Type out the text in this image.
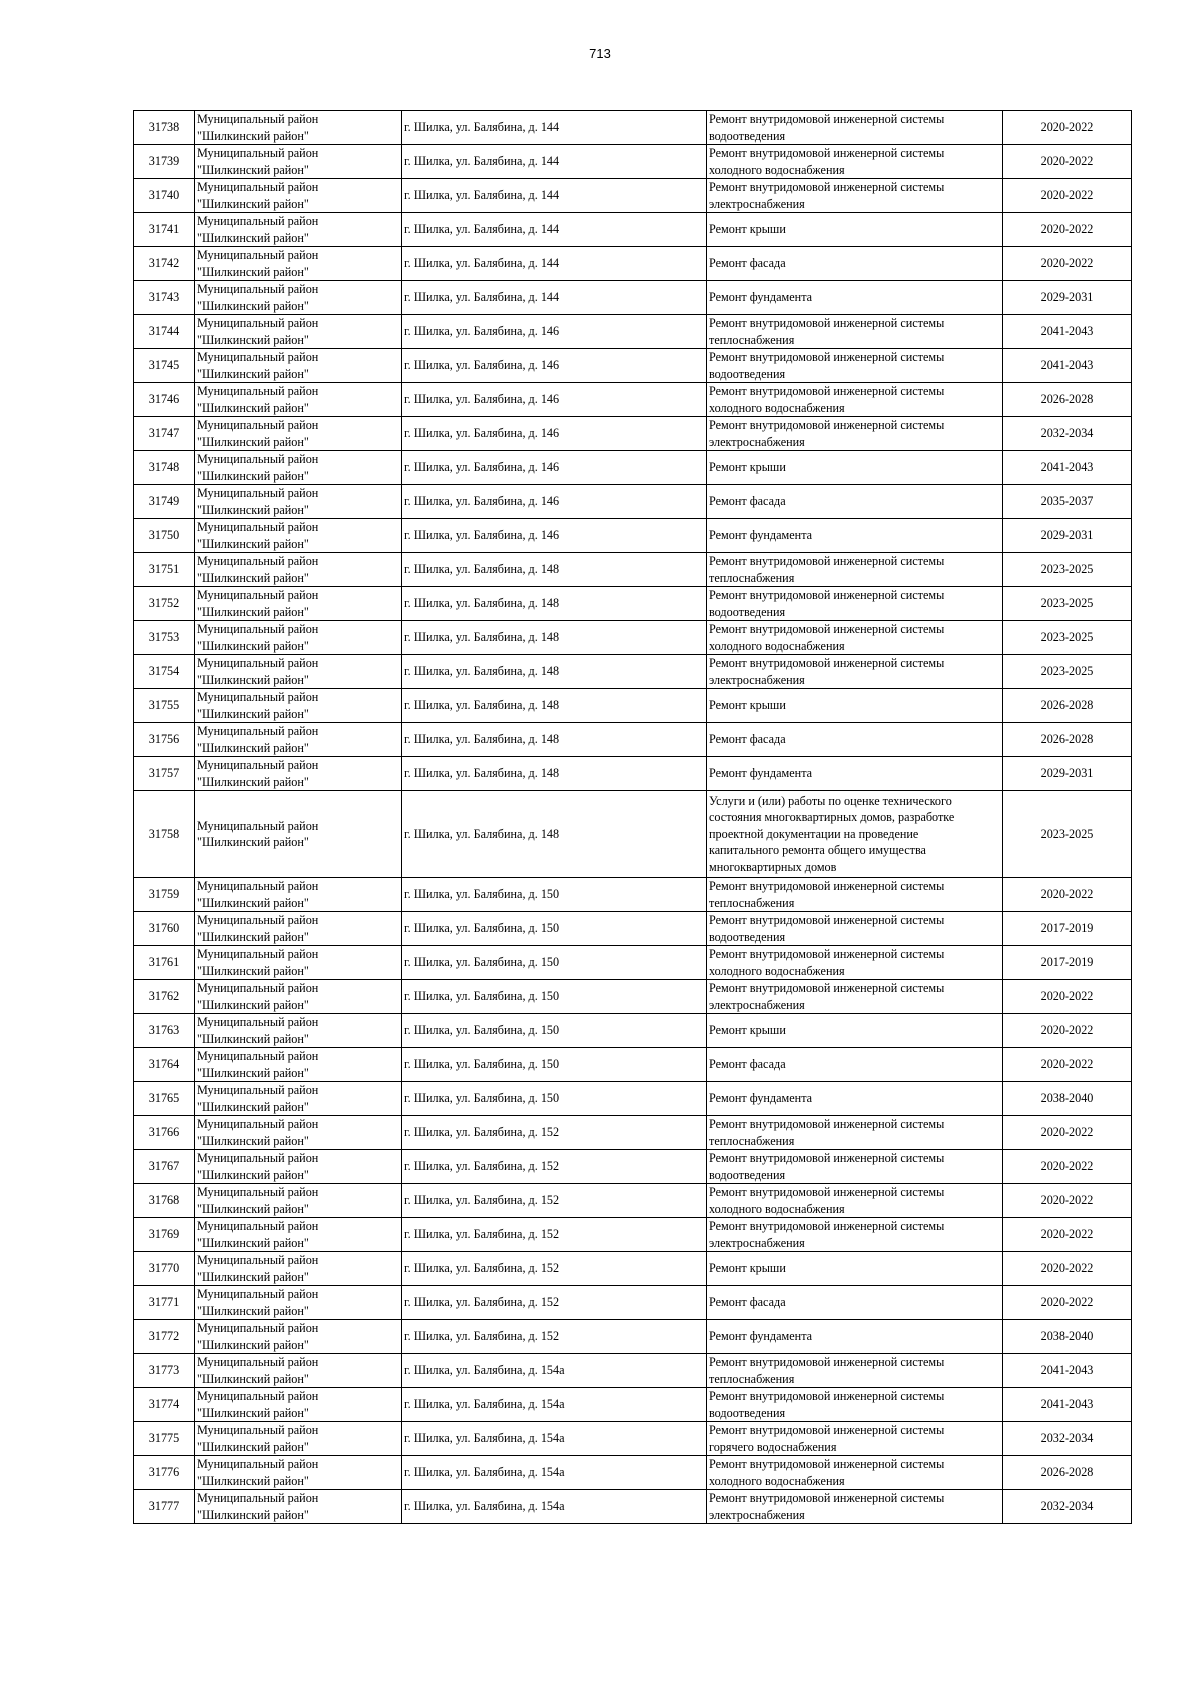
713
31738	Муниципальный район
"Шилкинский район"	г. Шилка, ул. Балябина, д. 144	Ремонт внутридомовой инженерной системы
водоотведения	2020-2022

31739	Муниципальный район
"Шилкинский район"	г. Шилка, ул. Балябина, д. 144	Ремонт внутридомовой инженерной системы
холодного водоснабжения	2020-2022

31740	Муниципальный район
"Шилкинский район"	г. Шилка, ул. Балябина, д. 144	Ремонт внутридомовой инженерной системы
электроснабжения	2020-2022

31741	Муниципальный район
"Шилкинский район"	г. Шилка, ул. Балябина, д. 144	Ремонт крыши	2020-2022

31742	Муниципальный район
"Шилкинский район"	г. Шилка, ул. Балябина, д. 144	Ремонт фасада	2020-2022

31743	Муниципальный район
"Шилкинский район"	г. Шилка, ул. Балябина, д. 144	Ремонт фундамента	2029-2031

31744	Муниципальный район
"Шилкинский район"	г. Шилка, ул. Балябина, д. 146	Ремонт внутридомовой инженерной системы
теплоснабжения	2041-2043

31745	Муниципальный район
"Шилкинский район"	г. Шилка, ул. Балябина, д. 146	Ремонт внутридомовой инженерной системы
водоотведения	2041-2043

31746	Муниципальный район
"Шилкинский район"	г. Шилка, ул. Балябина, д. 146	Ремонт внутридомовой инженерной системы
холодного водоснабжения	2026-2028

31747	Муниципальный район
"Шилкинский район"	г. Шилка, ул. Балябина, д. 146	Ремонт внутридомовой инженерной системы
электроснабжения	2032-2034

31748	Муниципальный район
"Шилкинский район"	г. Шилка, ул. Балябина, д. 146	Ремонт крыши	2041-2043

31749	Муниципальный район
"Шилкинский район"	г. Шилка, ул. Балябина, д. 146	Ремонт фасада	2035-2037

31750	Муниципальный район
"Шилкинский район"	г. Шилка, ул. Балябина, д. 146	Ремонт фундамента	2029-2031

31751	Муниципальный район
"Шилкинский район"	г. Шилка, ул. Балябина, д. 148	Ремонт внутридомовой инженерной системы
теплоснабжения	2023-2025

31752	Муниципальный район
"Шилкинский район"	г. Шилка, ул. Балябина, д. 148	Ремонт внутридомовой инженерной системы
водоотведения	2023-2025

31753	Муниципальный район
"Шилкинский район"	г. Шилка, ул. Балябина, д. 148	Ремонт внутридомовой инженерной системы
холодного водоснабжения	2023-2025

31754	Муниципальный район
"Шилкинский район"	г. Шилка, ул. Балябина, д. 148	Ремонт внутридомовой инженерной системы
электроснабжения	2023-2025

31755	Муниципальный район
"Шилкинский район"	г. Шилка, ул. Балябина, д. 148	Ремонт крыши	2026-2028

31756	Муниципальный район
"Шилкинский район"	г. Шилка, ул. Балябина, д. 148	Ремонт фасада	2026-2028

31757	Муниципальный район
"Шилкинский район"	г. Шилка, ул. Балябина, д. 148	Ремонт фундамента	2029-2031

31758	Муниципальный район
"Шилкинский район"	г. Шилка, ул. Балябина, д. 148	Услуги и (или) работы по оценке технического
состояния многоквартирных домов, разработке
проектной документации на проведение
капитального ремонта общего имущества
многоквартирных домов	2023-2025

31759	Муниципальный район
"Шилкинский район"	г. Шилка, ул. Балябина, д. 150	Ремонт внутридомовой инженерной системы
теплоснабжения	2020-2022

31760	Муниципальный район
"Шилкинский район"	г. Шилка, ул. Балябина, д. 150	Ремонт внутридомовой инженерной системы
водоотведения	2017-2019

31761	Муниципальный район
"Шилкинский район"	г. Шилка, ул. Балябина, д. 150	Ремонт внутридомовой инженерной системы
холодного водоснабжения	2017-2019

31762	Муниципальный район
"Шилкинский район"	г. Шилка, ул. Балябина, д. 150	Ремонт внутридомовой инженерной системы
электроснабжения	2020-2022

31763	Муниципальный район
"Шилкинский район"	г. Шилка, ул. Балябина, д. 150	Ремонт крыши	2020-2022

31764	Муниципальный район
"Шилкинский район"	г. Шилка, ул. Балябина, д. 150	Ремонт фасада	2020-2022

31765	Муниципальный район
"Шилкинский район"	г. Шилка, ул. Балябина, д. 150	Ремонт фундамента	2038-2040

31766	Муниципальный район
"Шилкинский район"	г. Шилка, ул. Балябина, д. 152	Ремонт внутридомовой инженерной системы
теплоснабжения	2020-2022

31767	Муниципальный район
"Шилкинский район"	г. Шилка, ул. Балябина, д. 152	Ремонт внутридомовой инженерной системы
водоотведения	2020-2022

31768	Муниципальный район
"Шилкинский район"	г. Шилка, ул. Балябина, д. 152	Ремонт внутридомовой инженерной системы
холодного водоснабжения	2020-2022

31769	Муниципальный район
"Шилкинский район"	г. Шилка, ул. Балябина, д. 152	Ремонт внутридомовой инженерной системы
электроснабжения	2020-2022

31770	Муниципальный район
"Шилкинский район"	г. Шилка, ул. Балябина, д. 152	Ремонт крыши	2020-2022

31771	Муниципальный район
"Шилкинский район"	г. Шилка, ул. Балябина, д. 152	Ремонт фасада	2020-2022

31772	Муниципальный район
"Шилкинский район"	г. Шилка, ул. Балябина, д. 152	Ремонт фундамента	2038-2040

31773	Муниципальный район
"Шилкинский район"	г. Шилка, ул. Балябина, д. 154а	Ремонт внутридомовой инженерной системы
теплоснабжения	2041-2043

31774	Муниципальный район
"Шилкинский район"	г. Шилка, ул. Балябина, д. 154а	Ремонт внутридомовой инженерной системы
водоотведения	2041-2043

31775	Муниципальный район
"Шилкинский район"	г. Шилка, ул. Балябина, д. 154а	Ремонт внутридомовой инженерной системы
горячего водоснабжения	2032-2034

31776	Муниципальный район
"Шилкинский район"	г. Шилка, ул. Балябина, д. 154а	Ремонт внутридомовой инженерной системы
холодного водоснабжения	2026-2028

31777	Муниципальный район
"Шилкинский район"	г. Шилка, ул. Балябина, д. 154а	Ремонт внутридомовой инженерной системы
электроснабжения	2032-2034
